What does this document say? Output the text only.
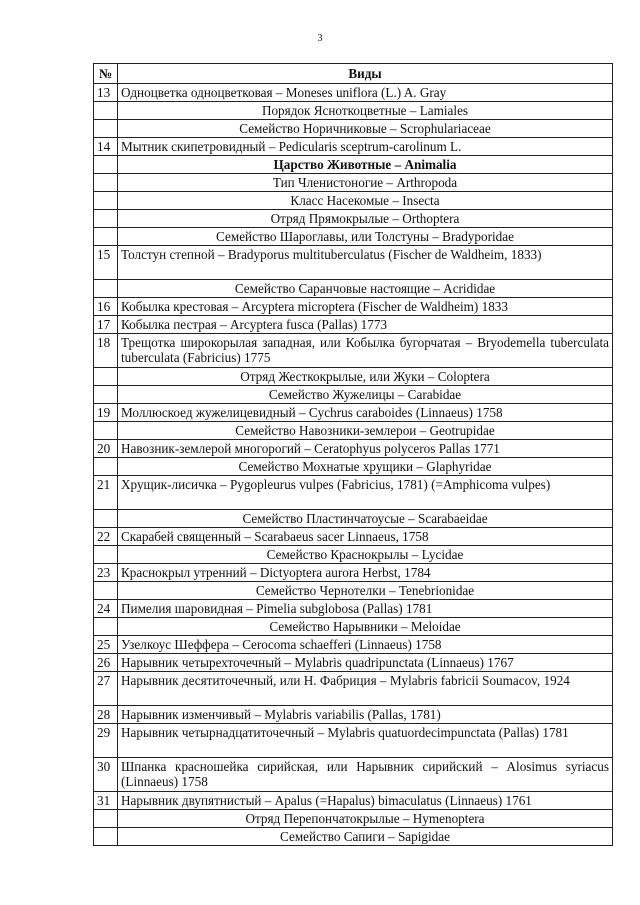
3
№	Виды
13	Одноцветка одноцветковая – Moneses uniflora (L.) A. Gray
	Порядок Ясноткоцветные – Lamiales
	Семейство Норичниковые – Scrophulariaceae
14	Мытник скипетровидный – Pedicularis sceptrum-carolinum L.
	Царство Животные – Animalia
	Тип Членистоногие – Arthropoda
	Класс Насекомые – Insecta
	Отряд Прямокрылые – Orthoptera
	Семейство Шароглавы, или Толстуны – Bradyporidae
15	Толстун степной – Bradyporus multituberculatus (Fischer de Waldheim, 1833)
	Семейство Саранчовые настоящие – Acrididae
16	Кобылка крестовая – Arcyptera microptera (Fischer de Waldheim) 1833
17	Кобылка пестрая – Arcyptera fusca (Pallas) 1773
18	Трещотка широкорылая западная, или Кобылка бугорчатая – Bryodemella tuberculata tuberculata (Fabricius) 1775
	Отряд Жесткокрылые, или Жуки – Coloptera
	Семейство Жужелицы – Carabidae
19	Моллюскоед жужелицевидный – Cychrus caraboides (Linnaeus) 1758
	Семейство Навозники-землерои – Geotrupidae
20	Навозник-землерой многорогий – Ceratophyus polyceros Pallas 1771
	Семейство Мохнатые хрущики – Glaphyridae
21	Хрущик-лисичка – Pygopleurus vulpes (Fabricius, 1781) (=Amphicoma vulpes)
	Семейство Пластинчатоусые – Scarabaeidae
22	Скарабей священный – Scarabaeus sacer Linnaeus, 1758
	Семейство Краснокрылы – Lycidae
23	Краснокрыл утренний – Dictyoptera aurora Herbst, 1784
	Семейство Чернотелки – Tenebrionidae
24	Пимелия шаровидная – Pimelia subglobosa (Pallas) 1781
	Семейство Нарывники – Meloidae
25	Узелкоус Шеффера – Cerocoma schaefferi (Linnaeus) 1758
26	Нарывник четырехточечный – Mylabris quadripunctata (Linnaeus) 1767
27	Нарывник десятиточечный, или Н. Фабриция – Mylabris fabricii Soumacov, 1924
28	Нарывник изменчивый – Mylabris variabilis (Pallas, 1781)
29	Нарывник четырнадцатиточечный – Mylabris quatuordecimpunctata (Pallas) 1781
30	Шпанка красношейка сирийская, или Нарывник сирийский – Alosimus syriacus (Linnaeus) 1758
31	Нарывник двупятнистый – Apalus (=Hapalus) bimaculatus (Linnaeus) 1761
	Отряд Перепончатокрылые – Hymenoptera
	Семейство Сапиги – Sapigidae
